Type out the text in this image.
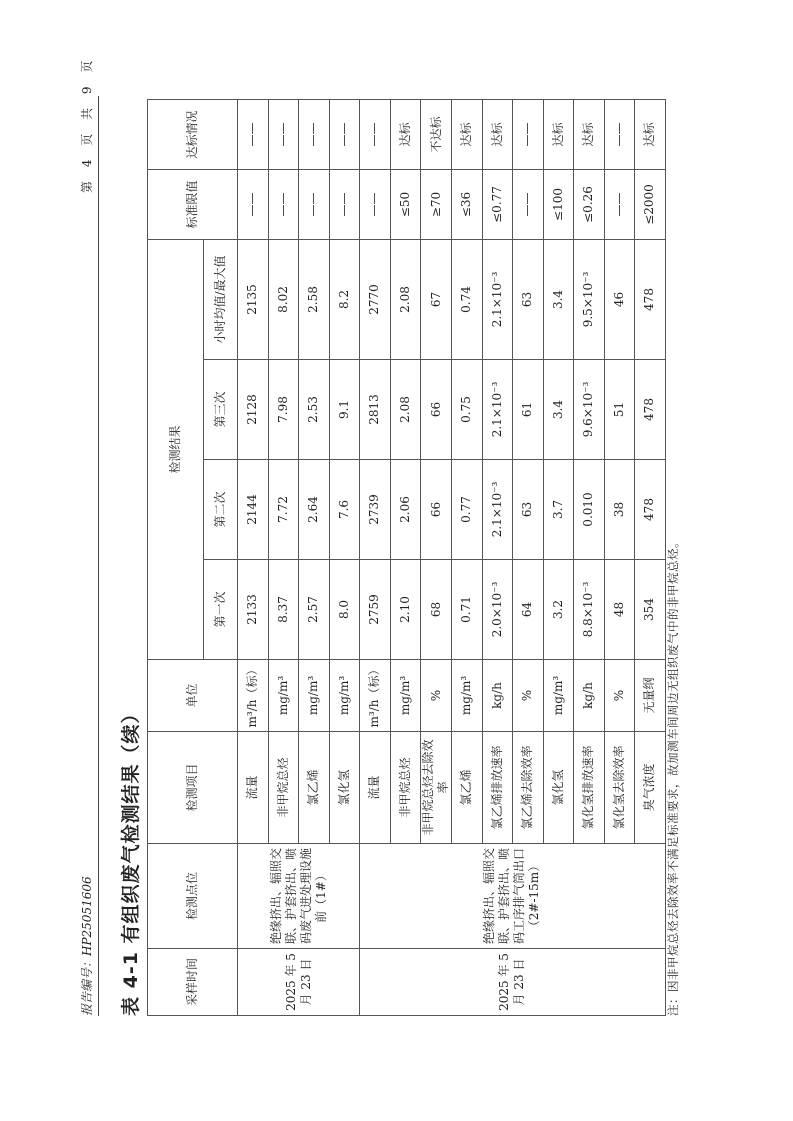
报告编号：HP25051606
第 4 页 共 9 页
表 4-1 有组织废气检测结果（续）	采样时间	检测点位	检测项目	单位	检测结果				标准限值	达标情况
				第一次	第二次	第三次	小时均值/最大值		
2025 年 5 月 23 日	绝缘挤出、辐照交联、护套挤出、喷码废气进处理设施前（1#）	流量	m³/h（标）	2133	2144	2128	2135	——	——
		非甲烷总烃	mg/m³	8.37	7.72	7.98	8.02	——	——
		氯乙烯	mg/m³	2.57	2.64	2.53	2.58	——	——
		氯化氢	mg/m³	8.0	7.6	9.1	8.2	——	——
2025 年 5 月 23 日	绝缘挤出、辐照交联、护套挤出、喷码工序排气筒出口（2#-15m）	流量	m³/h（标）	2759	2739	2813	2770	——	——
		非甲烷总烃	mg/m³	2.10	2.06	2.08	2.08	≤50	达标
		非甲烷总烃去除效率	%	68	66	66	67	≥70	不达标
		氯乙烯	mg/m³	0.71	0.77	0.75	0.74	≤36	达标
		氯乙烯排放速率	kg/h	2.0×10⁻³	2.1×10⁻³	2.1×10⁻³	2.1×10⁻³	≤0.77	达标
		氯乙烯去除效率	%	64	63	61	63	——	——
		氯化氢	mg/m³	3.2	3.7	3.4	3.4	≤100	达标
		氯化氢排放速率	kg/h	8.8×10⁻³	0.010	9.6×10⁻³	9.5×10⁻³	≤0.26	达标
		氯化氢去除效率	%	48	38	51	46	——	——
		臭气浓度	无量纲	354	478	478	478	≤2000	达标
注：因非甲烷总烃去除效率不满足标准要求，故加测车间周边无组织废气中的非甲烷总烃。
